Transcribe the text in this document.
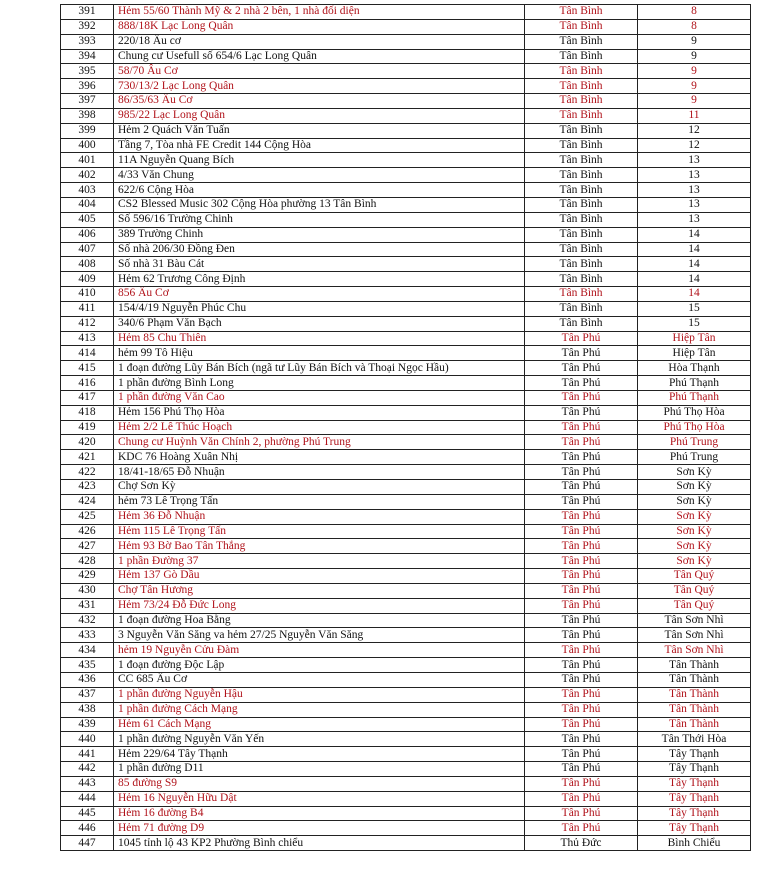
391	Hẻm 55/60 Thành Mỹ & 2 nhà 2 bên, 1 nhà đối diện	Tân Bình	8
392	888/18K Lạc Long Quân	Tân Bình	8
393	220/18 Âu cơ	Tân Bình	9
394	Chung cư Usefull số 654/6 Lạc Long Quân	Tân Bình	9
395	58/70 Âu Cơ	Tân Bình	9
396	730/13/2 Lạc Long Quân	Tân Bình	9
397	86/35/63 Âu Cơ	Tân Bình	9
398	985/22 Lạc Long Quân	Tân Bình	11
399	Hẻm 2 Quách Văn Tuấn	Tân Bình	12
400	Tầng 7, Tòa nhà FE Credit 144 Cộng Hòa	Tân Bình	12
401	11A Nguyễn Quang Bích	Tân Bình	13
402	4/33 Văn Chung	Tân Bình	13
403	622/6 Cộng Hòa	Tân Bình	13
404	CS2 Blessed Music 302 Cộng Hòa phường 13 Tân Bình	Tân Bình	13
405	Số 596/16 Trường Chinh	Tân Bình	13
406	389 Trường Chinh	Tân Bình	14
407	Số nhà 206/30 Đồng Đen	Tân Bình	14
408	Số nhà 31 Bàu Cát	Tân Bình	14
409	Hẻm 62 Trương Công Định	Tân Bình	14
410	856 Âu Cơ	Tân Bình	14
411	154/4/19 Nguyễn Phúc Chu	Tân Bình	15
412	340/6 Phạm Văn Bạch	Tân Bình	15
413	Hẻm 85 Chu Thiên	Tân Phú	Hiệp Tân
414	hẻm 99 Tô Hiệu	Tân Phú	Hiệp Tân
415	1 đoạn đường Lũy Bán Bích (ngã tư Lũy Bán Bích và Thoại Ngọc Hầu)	Tân Phú	Hòa Thạnh
416	1 phần đường Bình Long	Tân Phú	Phú Thạnh
417	1 phần đường Văn Cao	Tân Phú	Phú Thạnh
418	Hẻm 156 Phú Thọ Hòa	Tân Phú	Phú Thọ Hòa
419	Hẻm 2/2 Lê Thúc Hoạch	Tân Phú	Phú Thọ Hòa
420	Chung cư Huỳnh Văn Chính 2, phường Phú Trung	Tân Phú	Phú Trung
421	KDC 76 Hoàng Xuân Nhị	Tân Phú	Phú Trung
422	18/41-18/65 Đỗ Nhuận	Tân Phú	Sơn Kỳ
423	Chợ Sơn Kỳ	Tân Phú	Sơn Kỳ
424	hẻm 73 Lê Trọng Tấn	Tân Phú	Sơn Kỳ
425	Hẻm 36 Đỗ Nhuận	Tân Phú	Sơn Kỳ
426	Hẻm 115 Lê Trọng Tấn	Tân Phú	Sơn Kỳ
427	Hẻm 93 Bờ Bao Tân Thắng	Tân Phú	Sơn Kỳ
428	1 phần Đường 37	Tân Phú	Sơn Kỳ
429	Hẻm 137 Gò Dầu	Tân Phú	Tân Quý
430	Chợ Tân Hương	Tân Phú	Tân Quý
431	Hẻm 73/24 Đỗ Đức Long	Tân Phú	Tân Quý
432	1 đoạn đường Hoa Bằng	Tân Phú	Tân Sơn Nhì
433	3 Nguyễn Văn Săng va hẻm 27/25 Nguyễn Văn Săng	Tân Phú	Tân Sơn Nhì
434	hẻm 19 Nguyễn Cửu Đàm	Tân Phú	Tân Sơn Nhì
435	1 đoạn đường Độc Lập	Tân Phú	Tân Thành
436	CC 685 Âu Cơ	Tân Phú	Tân Thành
437	1 phần đường Nguyễn Hậu	Tân Phú	Tân Thành
438	1 phần đường Cách Mạng	Tân Phú	Tân Thành
439	Hẻm 61 Cách Mạng	Tân Phú	Tân Thành
440	1 phần đường Nguyễn Văn Yến	Tân Phú	Tân Thới Hòa
441	Hẻm 229/64 Tây Thạnh	Tân Phú	Tây Thạnh
442	1 phần đường D11	Tân Phú	Tây Thạnh
443	85 đường S9	Tân Phú	Tây Thạnh
444	Hẻm 16 Nguyễn Hữu Dật	Tân Phú	Tây Thạnh
445	Hẻm 16 đường B4	Tân Phú	Tây Thạnh
446	Hẻm 71 đường D9	Tân Phú	Tây Thạnh
447	1045 tỉnh lộ 43 KP2 Phường Bình chiểu	Thủ Đức	Bình Chiểu
